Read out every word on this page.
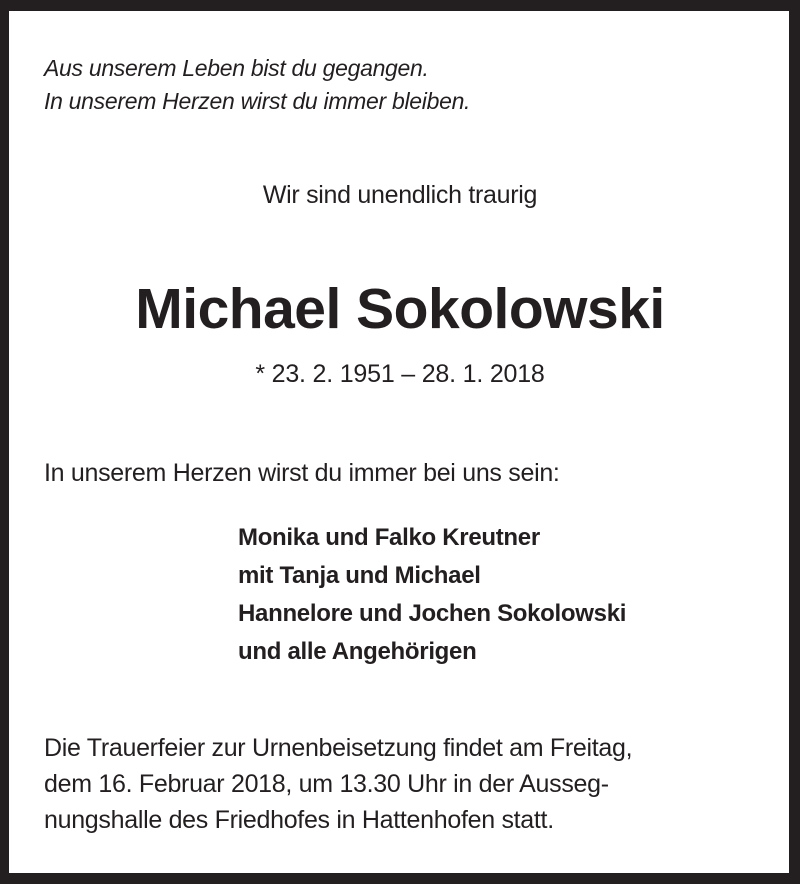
Aus unserem Leben bist du gegangen.
In unserem Herzen wirst du immer bleiben.
Wir sind unendlich traurig
Michael Sokolowski
* 23. 2. 1951 – 28. 1. 2018
In unserem Herzen wirst du immer bei uns sein:
Monika und Falko Kreutner
mit Tanja und Michael
Hannelore und Jochen Sokolowski
und alle Angehörigen
Die Trauerfeier zur Urnenbeisetzung findet am Freitag,
dem 16. Februar 2018, um 13.30 Uhr in der Ausseg-
nungshalle des Friedhofes in Hattenhofen statt.
